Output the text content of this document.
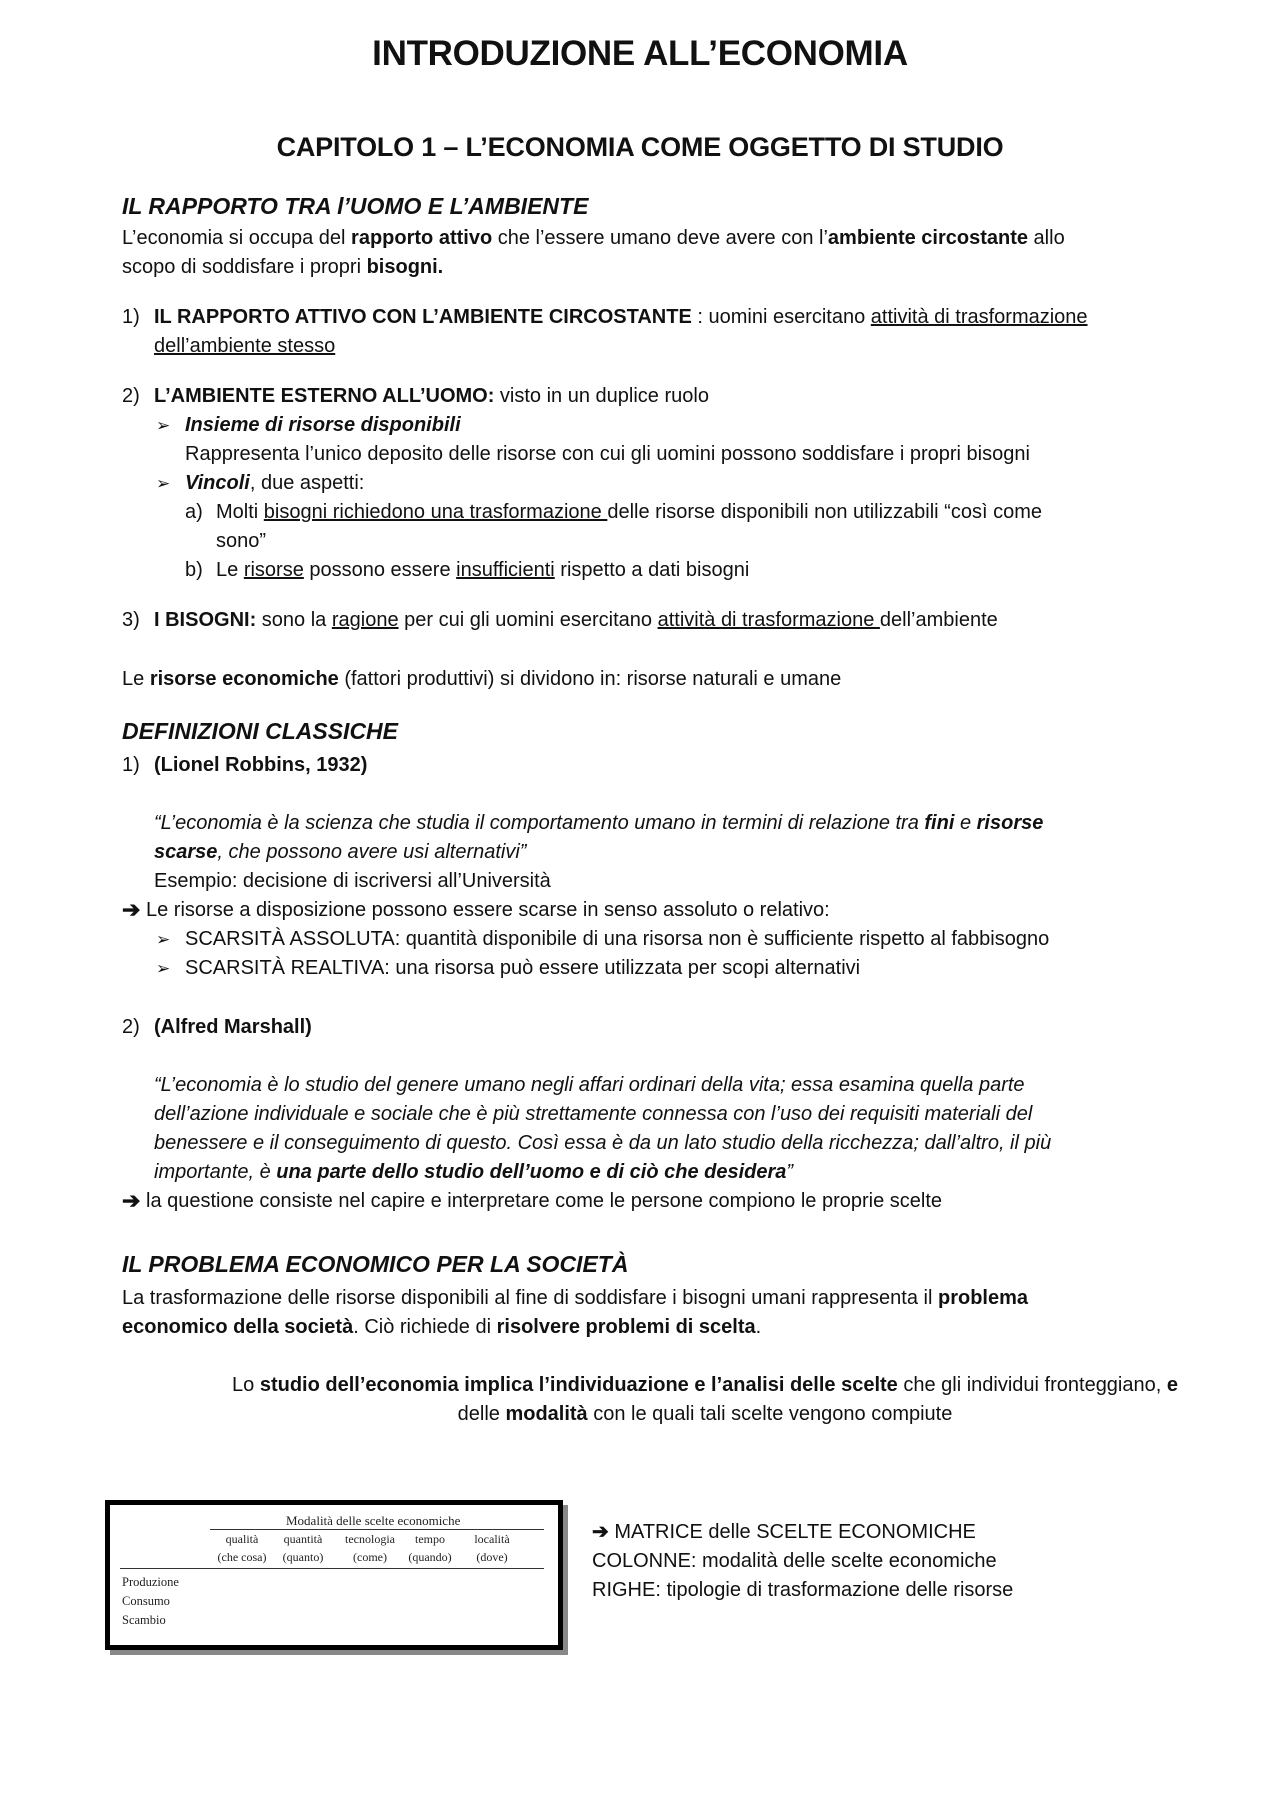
INTRODUZIONE ALL’ECONOMIA
CAPITOLO 1 – L’ECONOMIA COME OGGETTO DI STUDIO
IL RAPPORTO TRA l’UOMO E L’AMBIENTE
L’economia si occupa del rapporto attivo che l’essere umano deve avere con l’ambiente circostante allo
scopo di soddisfare i propri bisogni.
1) IL RAPPORTO ATTIVO CON L’AMBIENTE CIRCOSTANTE : uomini esercitano attività di trasformazione
dell’ambiente stesso
2) L’AMBIENTE ESTERNO ALL’UOMO: visto in un duplice ruolo
➢ Insieme di risorse disponibili
Rappresenta l’unico deposito delle risorse con cui gli uomini possono soddisfare i propri bisogni
➢ Vincoli, due aspetti:
a) Molti bisogni richiedono una trasformazione delle risorse disponibili non utilizzabili “così come
sono”
b) Le risorse possono essere insufficienti rispetto a dati bisogni
3) I BISOGNI: sono la ragione per cui gli uomini esercitano attività di trasformazione dell’ambiente
Le risorse economiche (fattori produttivi) si dividono in: risorse naturali e umane
DEFINIZIONI CLASSICHE
1) (Lionel Robbins, 1932)
“L’economia è la scienza che studia il comportamento umano in termini di relazione tra fini e risorse
scarse, che possono avere usi alternativi”
Esempio: decisione di iscriversi all’Università
➔ Le risorse a disposizione possono essere scarse in senso assoluto o relativo:
➢ SCARSITÀ ASSOLUTA: quantità disponibile di una risorsa non è sufficiente rispetto al fabbisogno
➢ SCARSITÀ REALTIVA: una risorsa può essere utilizzata per scopi alternativi
2) (Alfred Marshall)
“L’economia è lo studio del genere umano negli affari ordinari della vita; essa esamina quella parte
dell’azione individuale e sociale che è più strettamente connessa con l’uso dei requisiti materiali del
benessere e il conseguimento di questo. Così essa è da un lato studio della ricchezza; dall’altro, il più
importante, è una parte dello studio dell’uomo e di ciò che desidera”
➔ la questione consiste nel capire e interpretare come le persone compiono le proprie scelte
IL PROBLEMA ECONOMICO PER LA SOCIETÀ
La trasformazione delle risorse disponibili al fine di soddisfare i bisogni umani rappresenta il problema
economico della società. Ciò richiede di risolvere problemi di scelta.
Lo studio dell’economia implica l’individuazione e l’analisi delle scelte che gli individui fronteggiano, e
delle modalità con le quali tali scelte vengono compiute
Modalità delle scelte economiche
qualità
(che cosa)
quantità
(quanto)
tecnologia
(come)
tempo
(quando)
località
(dove)
Produzione
Consumo
Scambio
➔ MATRICE delle SCELTE ECONOMICHE
COLONNE: modalità delle scelte economiche
RIGHE: tipologie di trasformazione delle risorse
